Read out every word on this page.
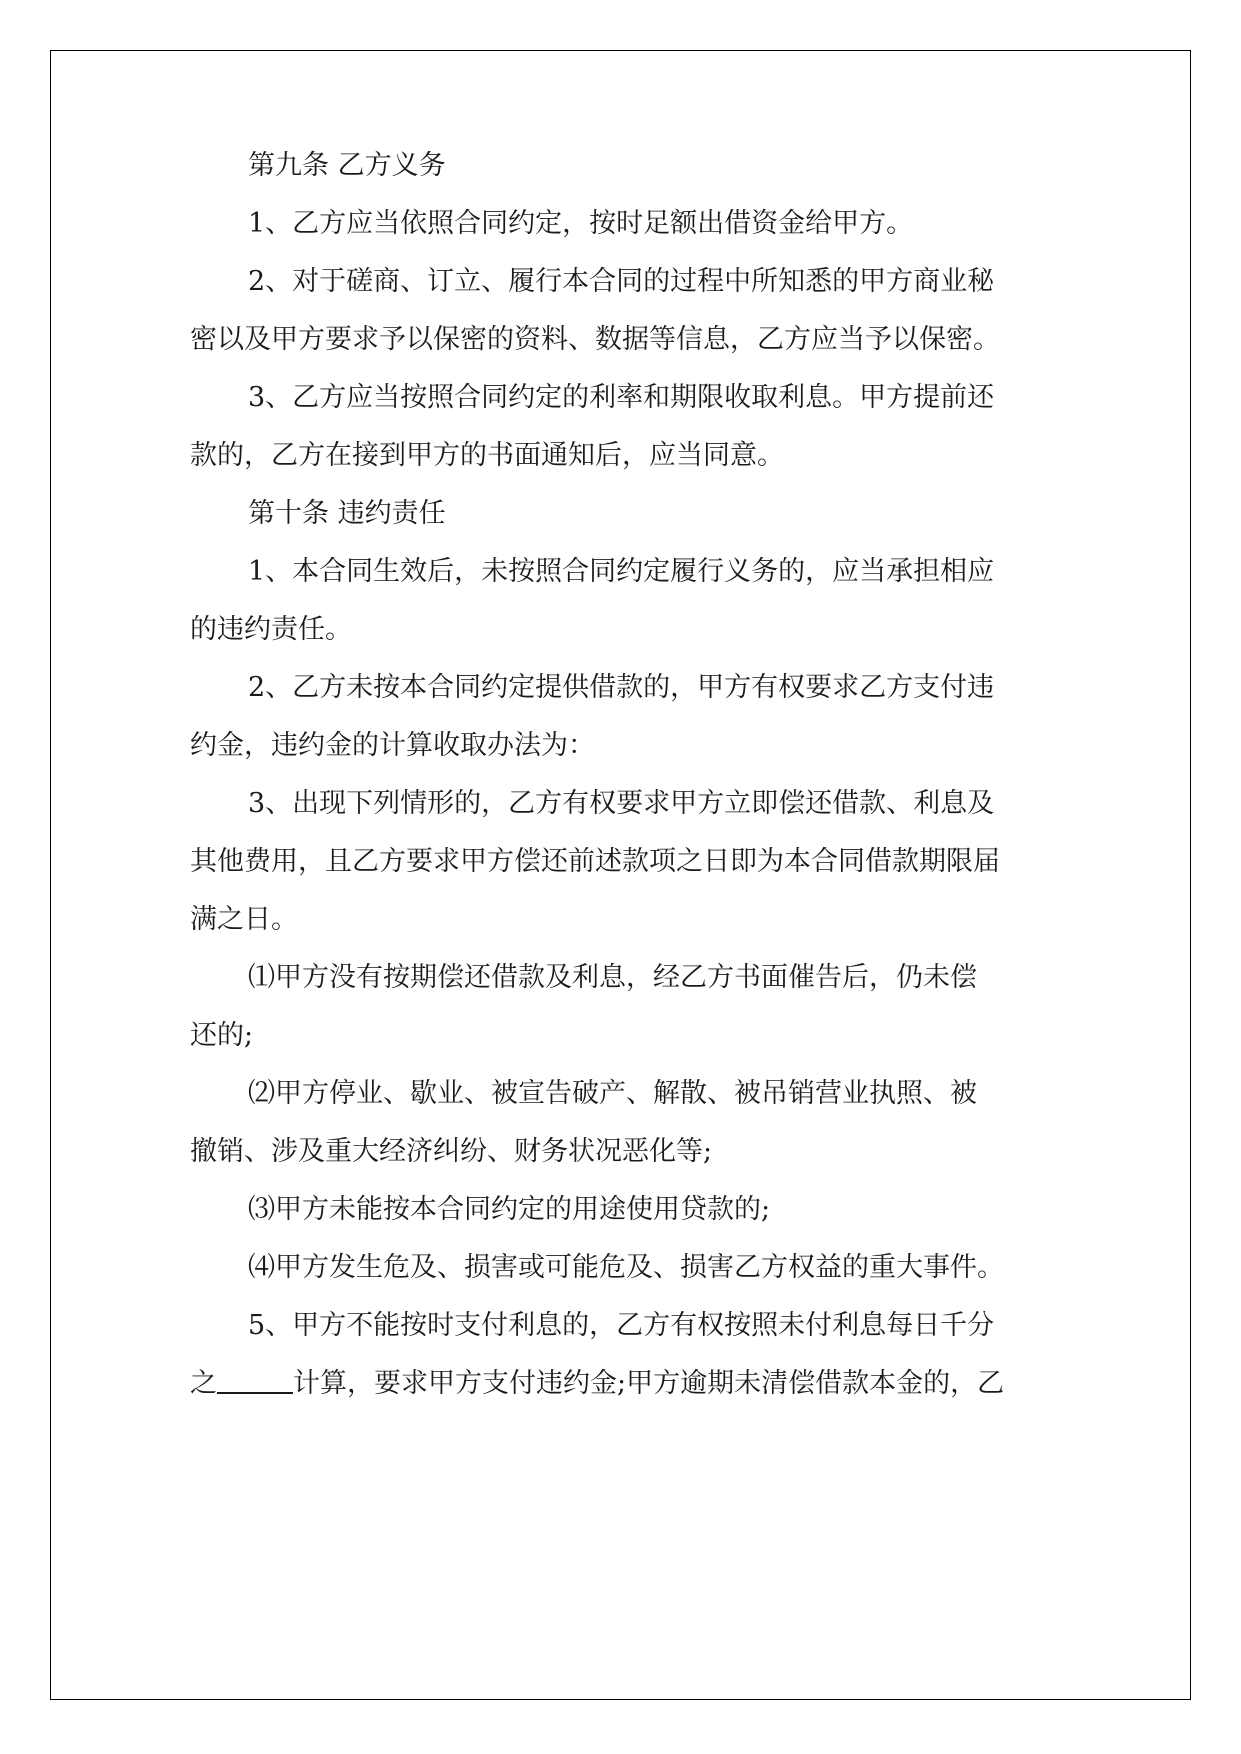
第九条 乙方义务
1、乙方应当依照合同约定，按时足额出借资金给甲方。
2、对于磋商、订立、履行本合同的过程中所知悉的甲方商业秘
密以及甲方要求予以保密的资料、数据等信息，乙方应当予以保密。
3、乙方应当按照合同约定的利率和期限收取利息。甲方提前还
款的，乙方在接到甲方的书面通知后，应当同意。
第十条 违约责任
1、本合同生效后，未按照合同约定履行义务的，应当承担相应
的违约责任。
2、乙方未按本合同约定提供借款的，甲方有权要求乙方支付违
约金，违约金的计算收取办法为：
3、出现下列情形的，乙方有权要求甲方立即偿还借款、利息及
其他费用，且乙方要求甲方偿还前述款项之日即为本合同借款期限届
满之日。
⑴甲方没有按期偿还借款及利息，经乙方书面催告后，仍未偿
还的;
⑵甲方停业、歇业、被宣告破产、解散、被吊销营业执照、被
撤销、涉及重大经济纠纷、财务状况恶化等;
⑶甲方未能按本合同约定的用途使用贷款的;
⑷甲方发生危及、损害或可能危及、损害乙方权益的重大事件。
5、甲方不能按时支付利息的，乙方有权按照未付利息每日千分
之	计算，要求甲方支付违约金;甲方逾期未清偿借款本金的，乙
